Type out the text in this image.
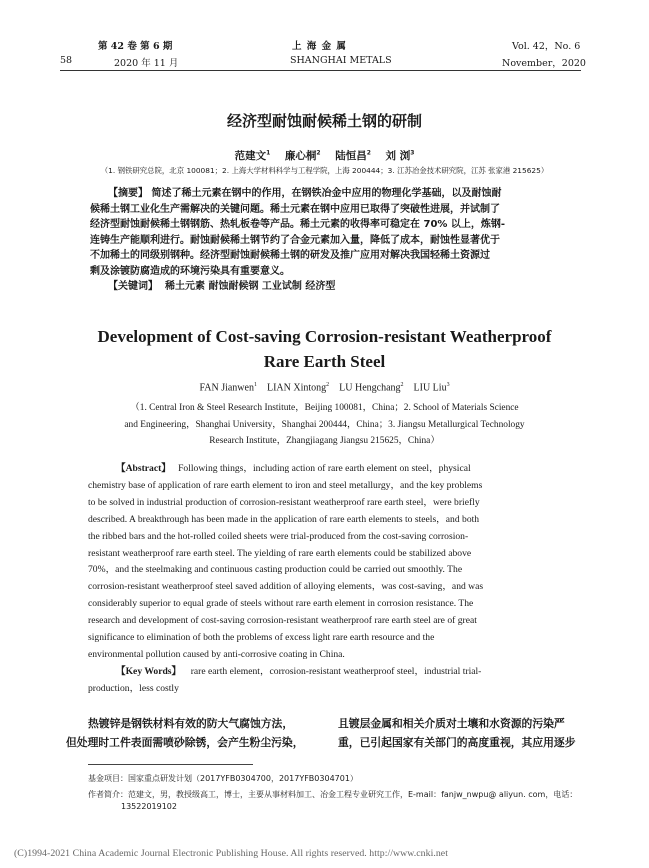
第 42 卷 第 6 期
58	2020 年 11 月
上 海 金 属
SHANGHAI METALS
Vol. 42，No. 6
November，2020
经济型耐蚀耐候稀土钢的研制
范建文$^1$ 廉心桐$^2$ 陆恒昌$^2$ 刘 浏$^3$
（1. 钢铁研究总院，北京 100081；2. 上海大学材料科学与工程学院，上海 200444；3. 江苏冶金技术研究院，江苏 张家港 215625）
【摘要】 简述了稀土元素在钢中的作用，在钢铁冶金中应用的物理化学基础，以及耐蚀耐
候稀土钢工业化生产需解决的关键问题。稀土元素在钢中应用已取得了突破性进展，并试制了
经济型耐蚀耐候稀土钢钢筋、热轧板卷等产品。稀土元素的收得率可稳定在 70% 以上，炼钢-
连铸生产能顺利进行。耐蚀耐候稀土钢节约了合金元素加入量，降低了成本，耐蚀性显著优于
不加稀土的同级别钢种。经济型耐蚀耐候稀土钢的研发及推广应用对解决我国轻稀土资源过
剩及涂镀防腐造成的环境污染具有重要意义。
【关键词】 稀土元素 耐蚀耐候钢 工业试制 经济型
Development of Cost-saving Corrosion-resistant Weatherproof
Rare Earth Steel
FAN Jianwen$^1$ LIAN Xintong$^2$ LU Hengchang$^2$ LIU Liu$^3$
（1. Central Iron & Steel Research Institute，Beijing 100081，China；2. School of Materials Science
and Engineering，Shanghai University，Shanghai 200444，China；3. Jiangsu Metallurgical Technology
Research Institute，Zhangjiagang Jiangsu 215625，China）
【Abstract】 Following things，including action of rare earth element on steel，physical
chemistry base of application of rare earth element to iron and steel metallurgy，and the key problems
to be solved in industrial production of corrosion-resistant weatherproof rare earth steel，were briefly
described. A breakthrough has been made in the application of rare earth elements to steels，and both
the ribbed bars and the hot-rolled coiled sheets were trial-produced from the cost-saving corrosion-
resistant weatherproof rare earth steel. The yielding of rare earth elements could be stabilized above
70%，and the steelmaking and continuous casting production could be carried out smoothly. The
corrosion-resistant weatherproof steel saved addition of alloying elements，was cost-saving，and was
considerably superior to equal grade of steels without rare earth element in corrosion resistance. The
research and development of cost-saving corrosion-resistant weatherproof rare earth steel are of great
significance to elimination of both the problems of excess light rare earth resource and the
environmental pollution caused by anti-corrosive coating in China.
【Key Words】 rare earth element，corrosion-resistant weatherproof steel，industrial trial-
production，less costly
热镀锌是钢铁材料有效的防大气腐蚀方法，
但处理时工件表面需喷砂除锈，会产生粉尘污染，
且镀层金属和相关介质对土壤和水资源的污染严
重，已引起国家有关部门的高度重视，其应用逐步
基金项目：国家重点研发计划（2017YFB0304700，2017YFB0304701）
作者简介：范建文，男，教授级高工，博士，主要从事材料加工、冶金工程专业研究工作，E-mail：fanjw_nwpu@ aliyun. com，电话：
13522019102
(C)1994-2021 China Academic Journal Electronic Publishing House. All rights reserved. http://www.cnki.net
